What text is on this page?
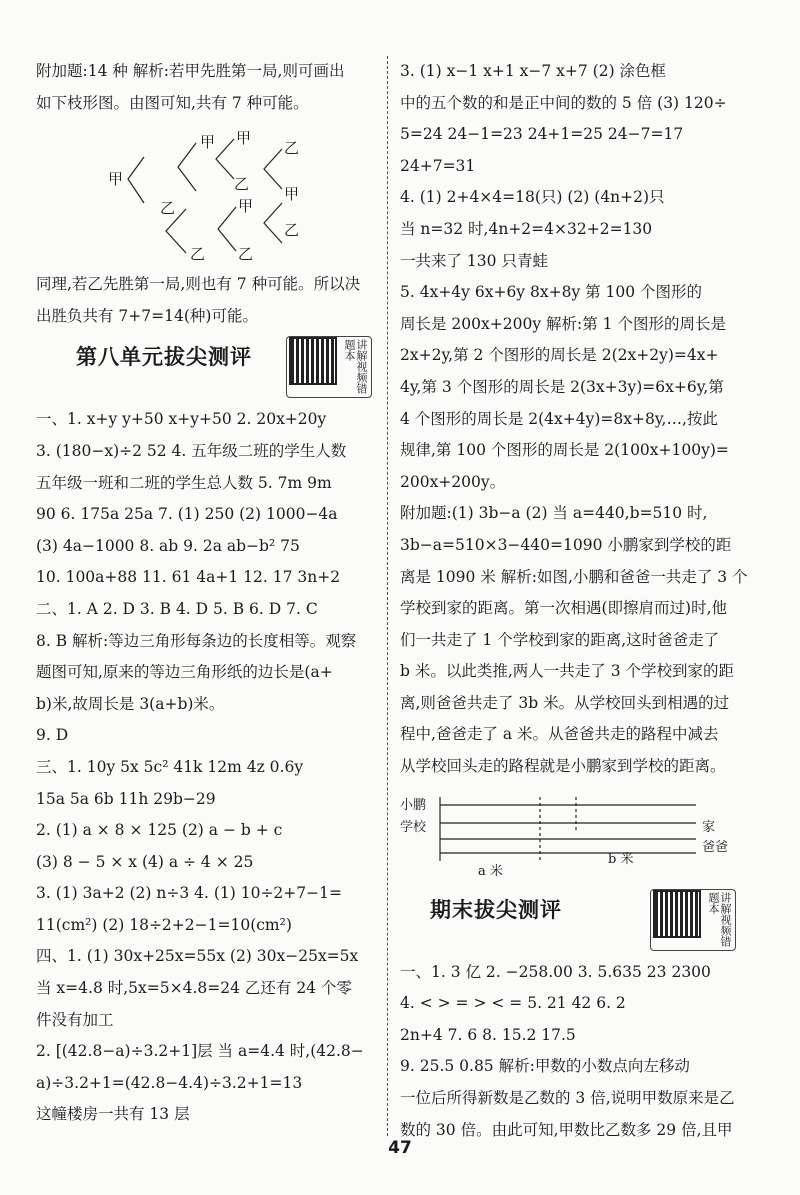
附加题:14 种 解析:若甲先胜第一局,则可画出
如下枝形图。由图可知,共有 7 种可能。
甲
甲
乙
甲
乙
乙
甲
乙
乙
甲
乙
同理,若乙先胜第一局,则也有 7 种可能。所以决
出胜负共有 7+7=14(种)可能。
第八单元拔尖测评	讲解视频错题本
一、1. x+y y+50 x+y+50 2. 20x+20y
3. (180−x)÷2 52 4. 五年级二班的学生人数
五年级一班和二班的学生总人数 5. 7m 9m
90 6. 175a 25a 7. (1) 250 (2) 1000−4a
(3) 4a−1000 8. ab 9. 2a ab−b² 75
10. 100a+88 11. 61 4a+1 12. 17 3n+2
二、1. A 2. D 3. B 4. D 5. B 6. D 7. C
8. B 解析:等边三角形每条边的长度相等。观察
题图可知,原来的等边三角形纸的边长是(a+
b)米,故周长是 3(a+b)米。
9. D
三、1. 10y 5x 5c² 41k 12m 4z 0.6y
15a 5a 6b 11h 29b−29
2. (1) a × 8 × 125 (2) a − b + c
(3) 8 − 5 × x (4) a ÷ 4 × 25
3. (1) 3a+2 (2) n÷3 4. (1) 10÷2+7−1=
11(cm²) (2) 18÷2+2−1=10(cm²)
四、1. (1) 30x+25x=55x (2) 30x−25x=5x
当 x=4.8 时,5x=5×4.8=24 乙还有 24 个零
件没有加工
2. [(42.8−a)÷3.2+1]层 当 a=4.4 时,(42.8−
a)÷3.2+1=(42.8−4.4)÷3.2+1=13
这幢楼房一共有 13 层
3. (1) x−1 x+1 x−7 x+7 (2) 涂色框
中的五个数的和是正中间的数的 5 倍 (3) 120÷
5=24 24−1=23 24+1=25 24−7=17
24+7=31
4. (1) 2+4×4=18(只) (2) (4n+2)只
当 n=32 时,4n+2=4×32+2=130
一共来了 130 只青蛙
5. 4x+4y 6x+6y 8x+8y 第 100 个图形的
周长是 200x+200y 解析:第 1 个图形的周长是
2x+2y,第 2 个图形的周长是 2(2x+2y)=4x+
4y,第 3 个图形的周长是 2(3x+3y)=6x+6y,第
4 个图形的周长是 2(4x+4y)=8x+8y,…,按此
规律,第 100 个图形的周长是 2(100x+100y)=
200x+200y。
附加题:(1) 3b−a (2) 当 a=440,b=510 时,
3b−a=510×3−440=1090 小鹏家到学校的距
离是 1090 米 解析:如图,小鹏和爸爸一共走了 3 个
学校到家的距离。第一次相遇(即擦肩而过)时,他
们一共走了 1 个学校到家的距离,这时爸爸走了
b 米。以此类推,两人一共走了 3 个学校到家的距
离,则爸爸共走了 3b 米。从学校回头到相遇的过
程中,爸爸走了 a 米。从爸爸共走的路程中减去
从学校回头走的路程就是小鹏家到学校的距离。
小鹏
学校	家
爸爸
a 米
b 米
期末拔尖测评	讲解视频错题本
一、1. 3 亿 2. −258.00 3. 5.635 23 2300
4. < > = > < = 5. 21 42 6. 2
2n+4 7. 6 8. 15.2 17.5
9. 25.5 0.85 解析:甲数的小数点向左移动
一位后所得新数是乙数的 3 倍,说明甲数原来是乙
数的 30 倍。由此可知,甲数比乙数多 29 倍,且甲
47
